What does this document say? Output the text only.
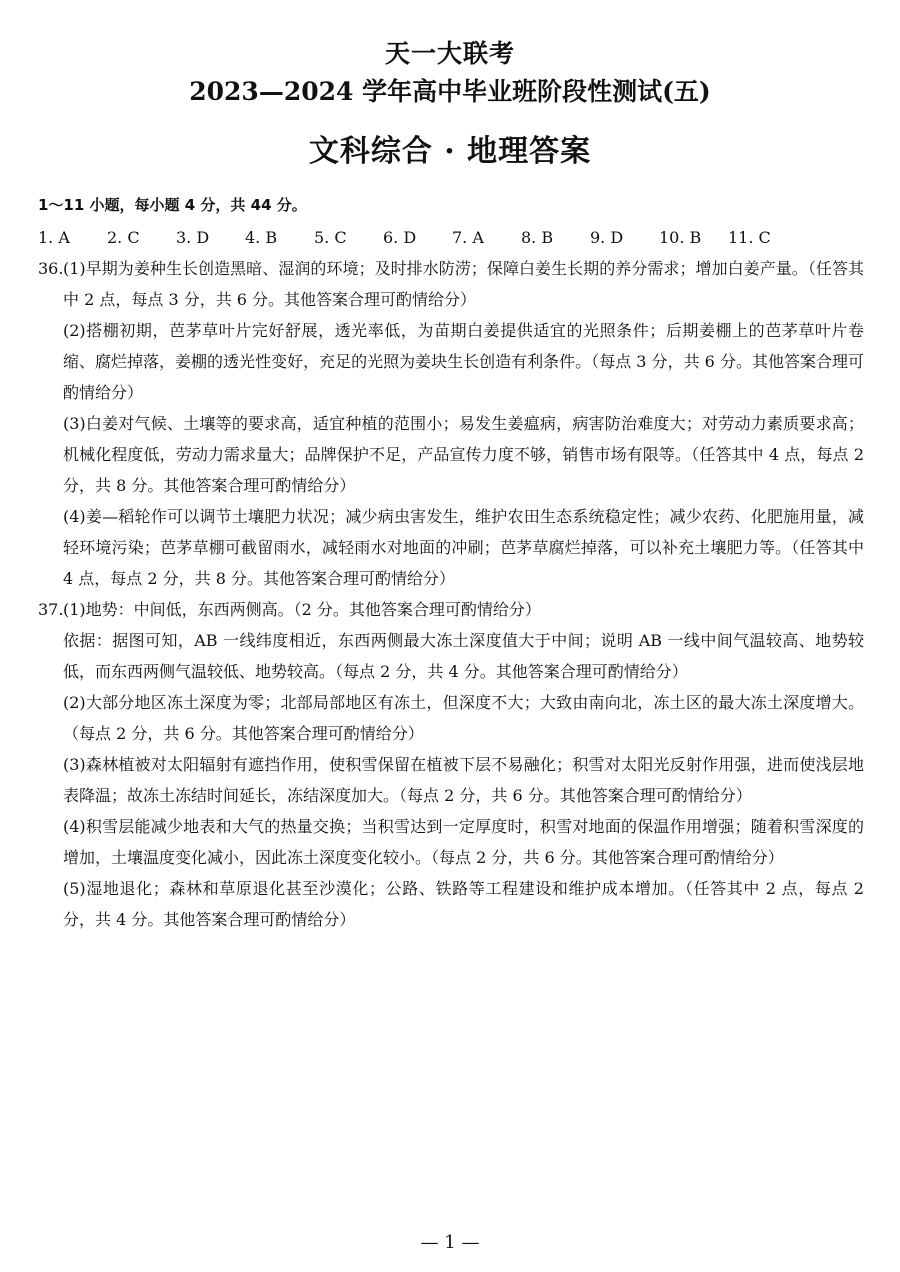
天一大联考
2023—2024 学年高中毕业班阶段性测试(五)
文科综合 · 地理答案
1～11 小题，每小题 4 分，共 44 分。
1. A	2. C	3. D	4. B	5. C	6. D	7. A	8. B	9. D	10. B	11. C
36. (1)早期为姜种生长创造黑暗、湿润的环境；及时排水防涝；保障白姜生长期的养分需求；增加白姜产量。（任答其中 2 点，每点 3 分，共 6 分。其他答案合理可酌情给分）
(2)搭棚初期，芭茅草叶片完好舒展，透光率低，为苗期白姜提供适宜的光照条件；后期姜棚上的芭茅草叶片卷缩、腐烂掉落，姜棚的透光性变好，充足的光照为姜块生长创造有利条件。（每点 3 分，共 6 分。其他答案合理可酌情给分）
(3)白姜对气候、土壤等的要求高，适宜种植的范围小；易发生姜瘟病，病害防治难度大；对劳动力素质要求高；机械化程度低，劳动力需求量大；品牌保护不足，产品宣传力度不够，销售市场有限等。（任答其中 4 点，每点 2 分，共 8 分。其他答案合理可酌情给分）
(4)姜—稻轮作可以调节土壤肥力状况；减少病虫害发生，维护农田生态系统稳定性；减少农药、化肥施用量，减轻环境污染；芭茅草棚可截留雨水，减轻雨水对地面的冲刷；芭茅草腐烂掉落，可以补充土壤肥力等。（任答其中 4 点，每点 2 分，共 8 分。其他答案合理可酌情给分）
37. (1)地势：中间低，东西两侧高。（2 分。其他答案合理可酌情给分）
依据：据图可知，AB 一线纬度相近，东西两侧最大冻土深度值大于中间；说明 AB 一线中间气温较高、地势较低，而东西两侧气温较低、地势较高。（每点 2 分，共 4 分。其他答案合理可酌情给分）
(2)大部分地区冻土深度为零；北部局部地区有冻土，但深度不大；大致由南向北，冻土区的最大冻土深度增大。（每点 2 分，共 6 分。其他答案合理可酌情给分）
(3)森林植被对太阳辐射有遮挡作用，使积雪保留在植被下层不易融化；积雪对太阳光反射作用强，进而使浅层地表降温；故冻土冻结时间延长，冻结深度加大。（每点 2 分，共 6 分。其他答案合理可酌情给分）
(4)积雪层能减少地表和大气的热量交换；当积雪达到一定厚度时，积雪对地面的保温作用增强；随着积雪深度的增加，土壤温度变化减小，因此冻土深度变化较小。（每点 2 分，共 6 分。其他答案合理可酌情给分）
(5)湿地退化；森林和草原退化甚至沙漠化；公路、铁路等工程建设和维护成本增加。（任答其中 2 点，每点 2 分，共 4 分。其他答案合理可酌情给分）
— 1 —
